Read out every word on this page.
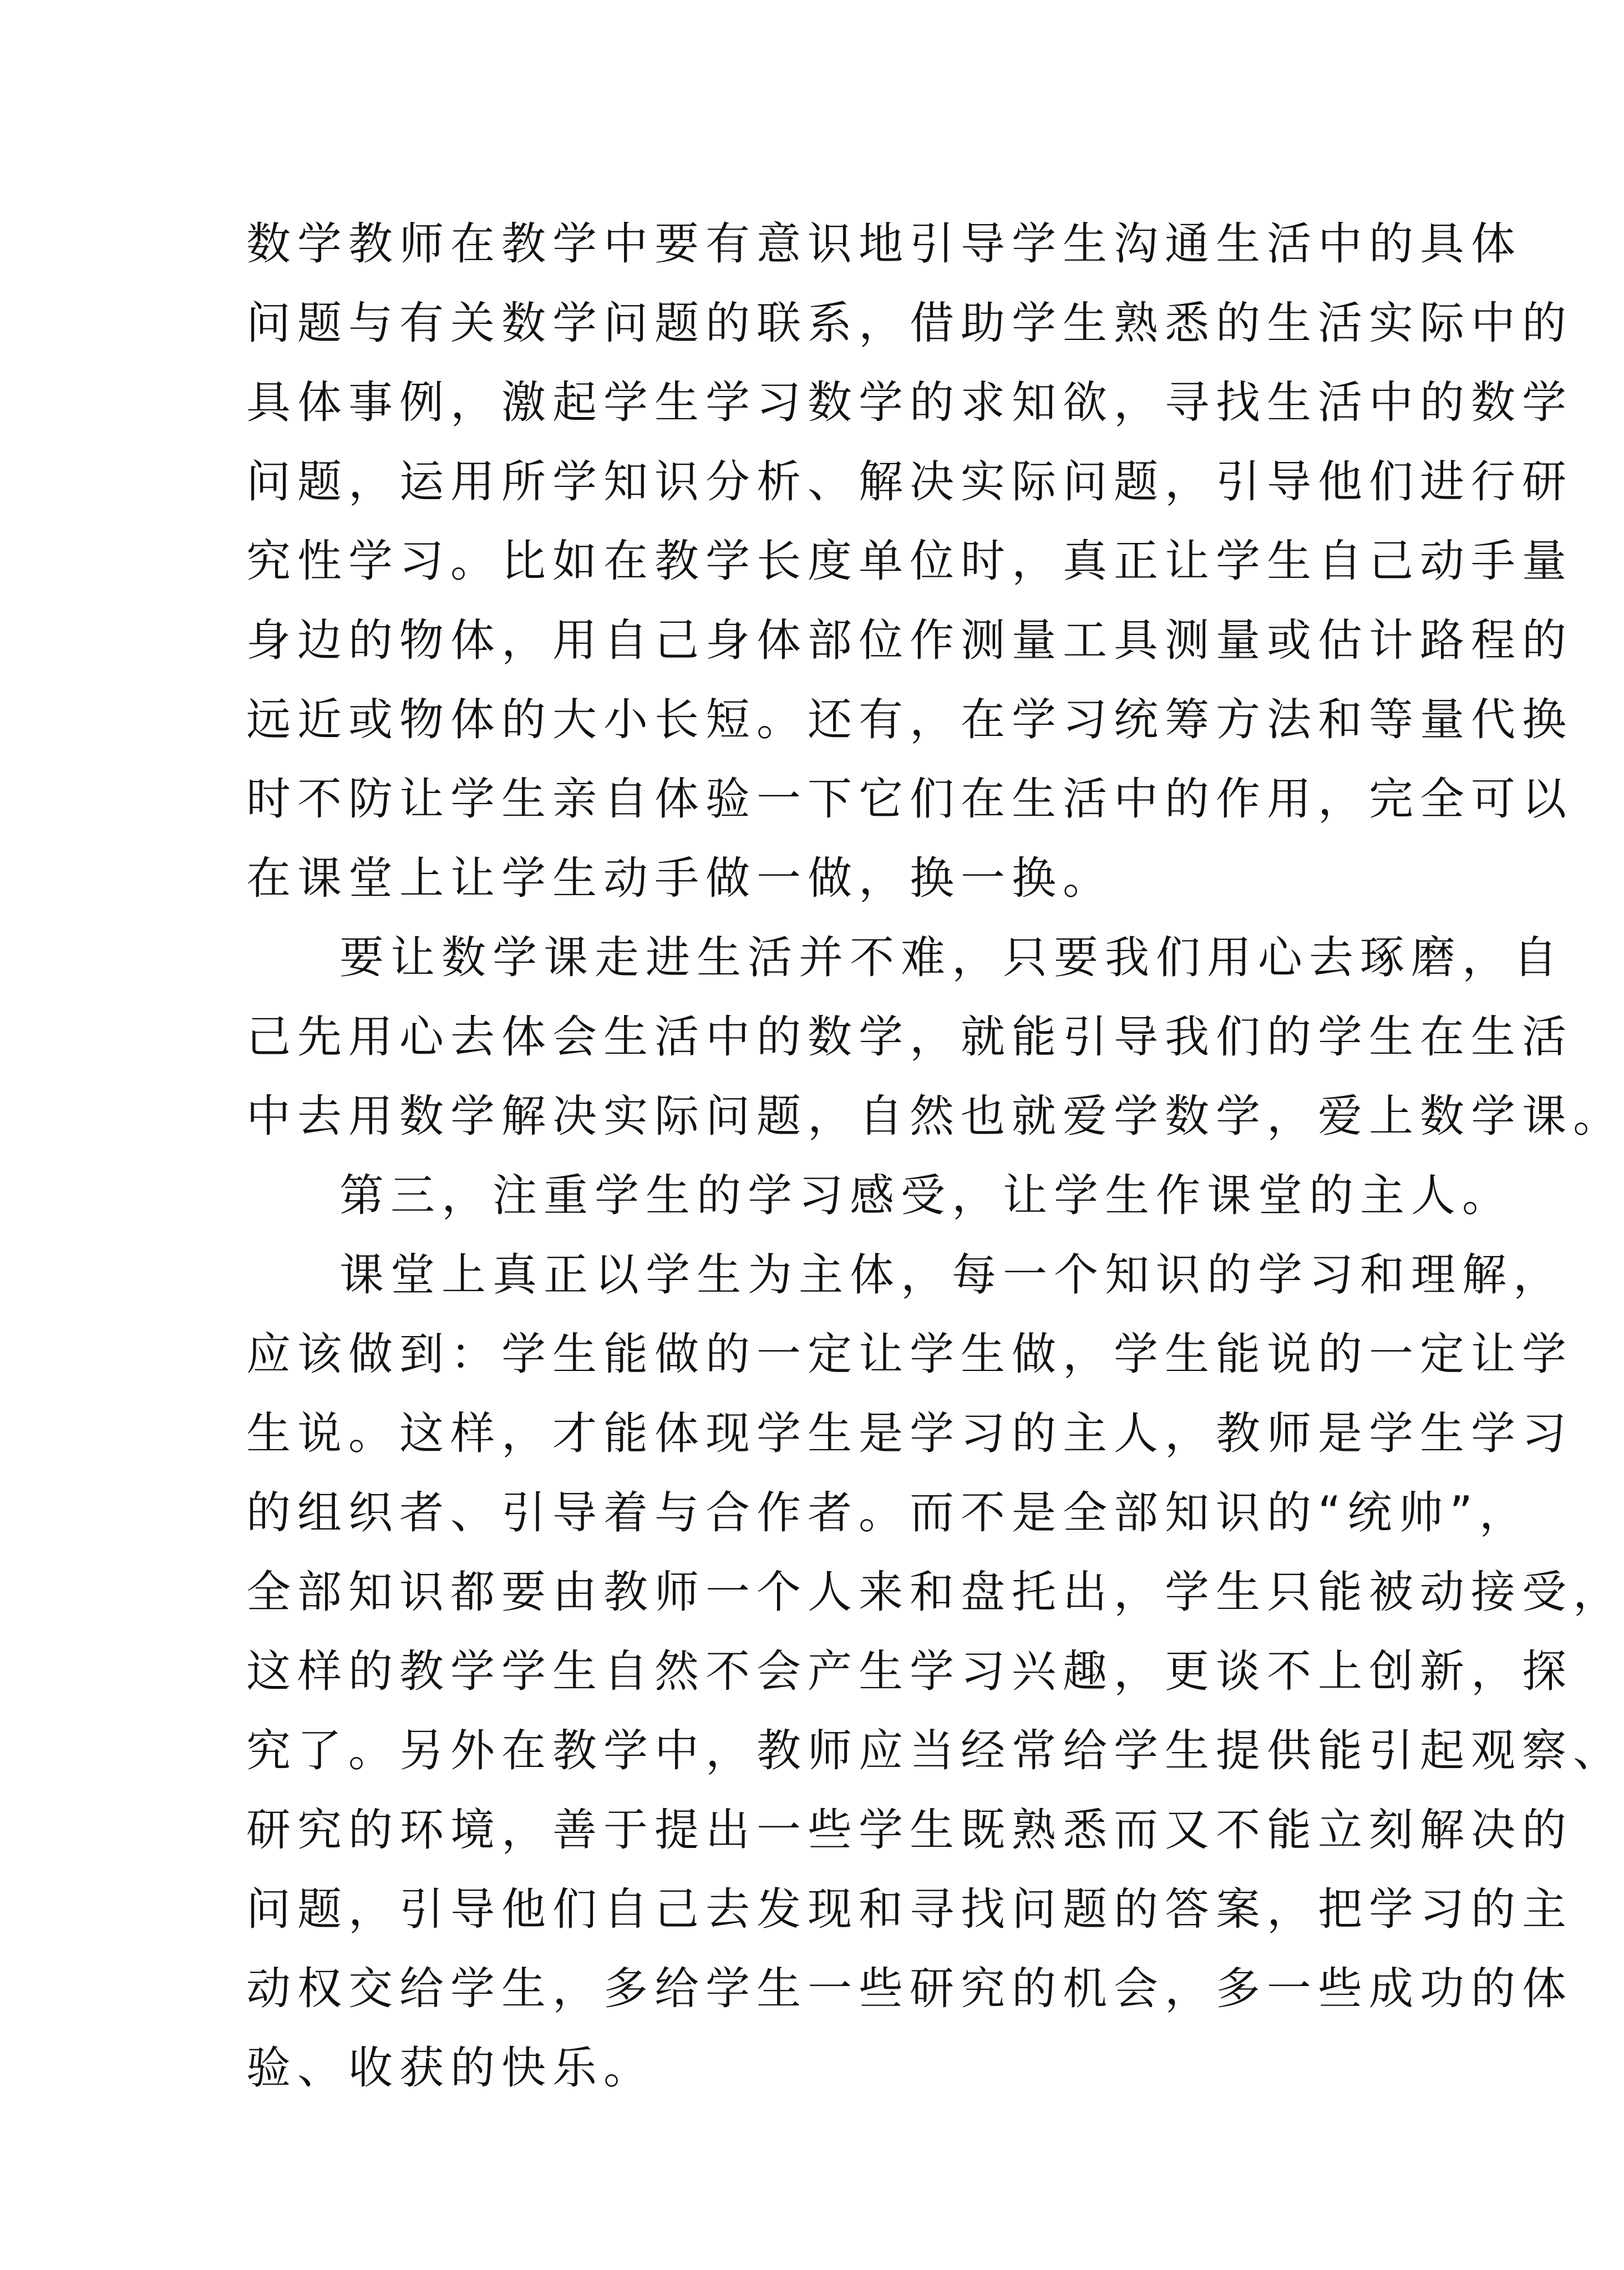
数学教师在教学中要有意识地引导学生沟通生活中的具体
问题与有关数学问题的联系，借助学生熟悉的生活实际中的
具体事例，激起学生学习数学的求知欲，寻找生活中的数学
问题，运用所学知识分析、解决实际问题，引导他们进行研
究性学习。比如在教学长度单位时，真正让学生自己动手量
身边的物体，用自己身体部位作测量工具测量或估计路程的
远近或物体的大小长短。还有，在学习统筹方法和等量代换
时不防让学生亲自体验一下它们在生活中的作用，完全可以
在课堂上让学生动手做一做，换一换。
要让数学课走进生活并不难，只要我们用心去琢磨，自
己先用心去体会生活中的数学，就能引导我们的学生在生活
中去用数学解决实际问题，自然也就爱学数学，爱上数学课。
第三，注重学生的学习感受，让学生作课堂的主人。
课堂上真正以学生为主体，每一个知识的学习和理解，
应该做到：学生能做的一定让学生做，学生能说的一定让学
生说。这样，才能体现学生是学习的主人，教师是学生学习
的组织者、引导着与合作者。而不是全部知识的“统帅”，
全部知识都要由教师一个人来和盘托出，学生只能被动接受，
这样的教学学生自然不会产生学习兴趣，更谈不上创新，探
究了。另外在教学中，教师应当经常给学生提供能引起观察、
研究的环境，善于提出一些学生既熟悉而又不能立刻解决的
问题，引导他们自己去发现和寻找问题的答案，把学习的主
动权交给学生，多给学生一些研究的机会，多一些成功的体
验、收获的快乐。
